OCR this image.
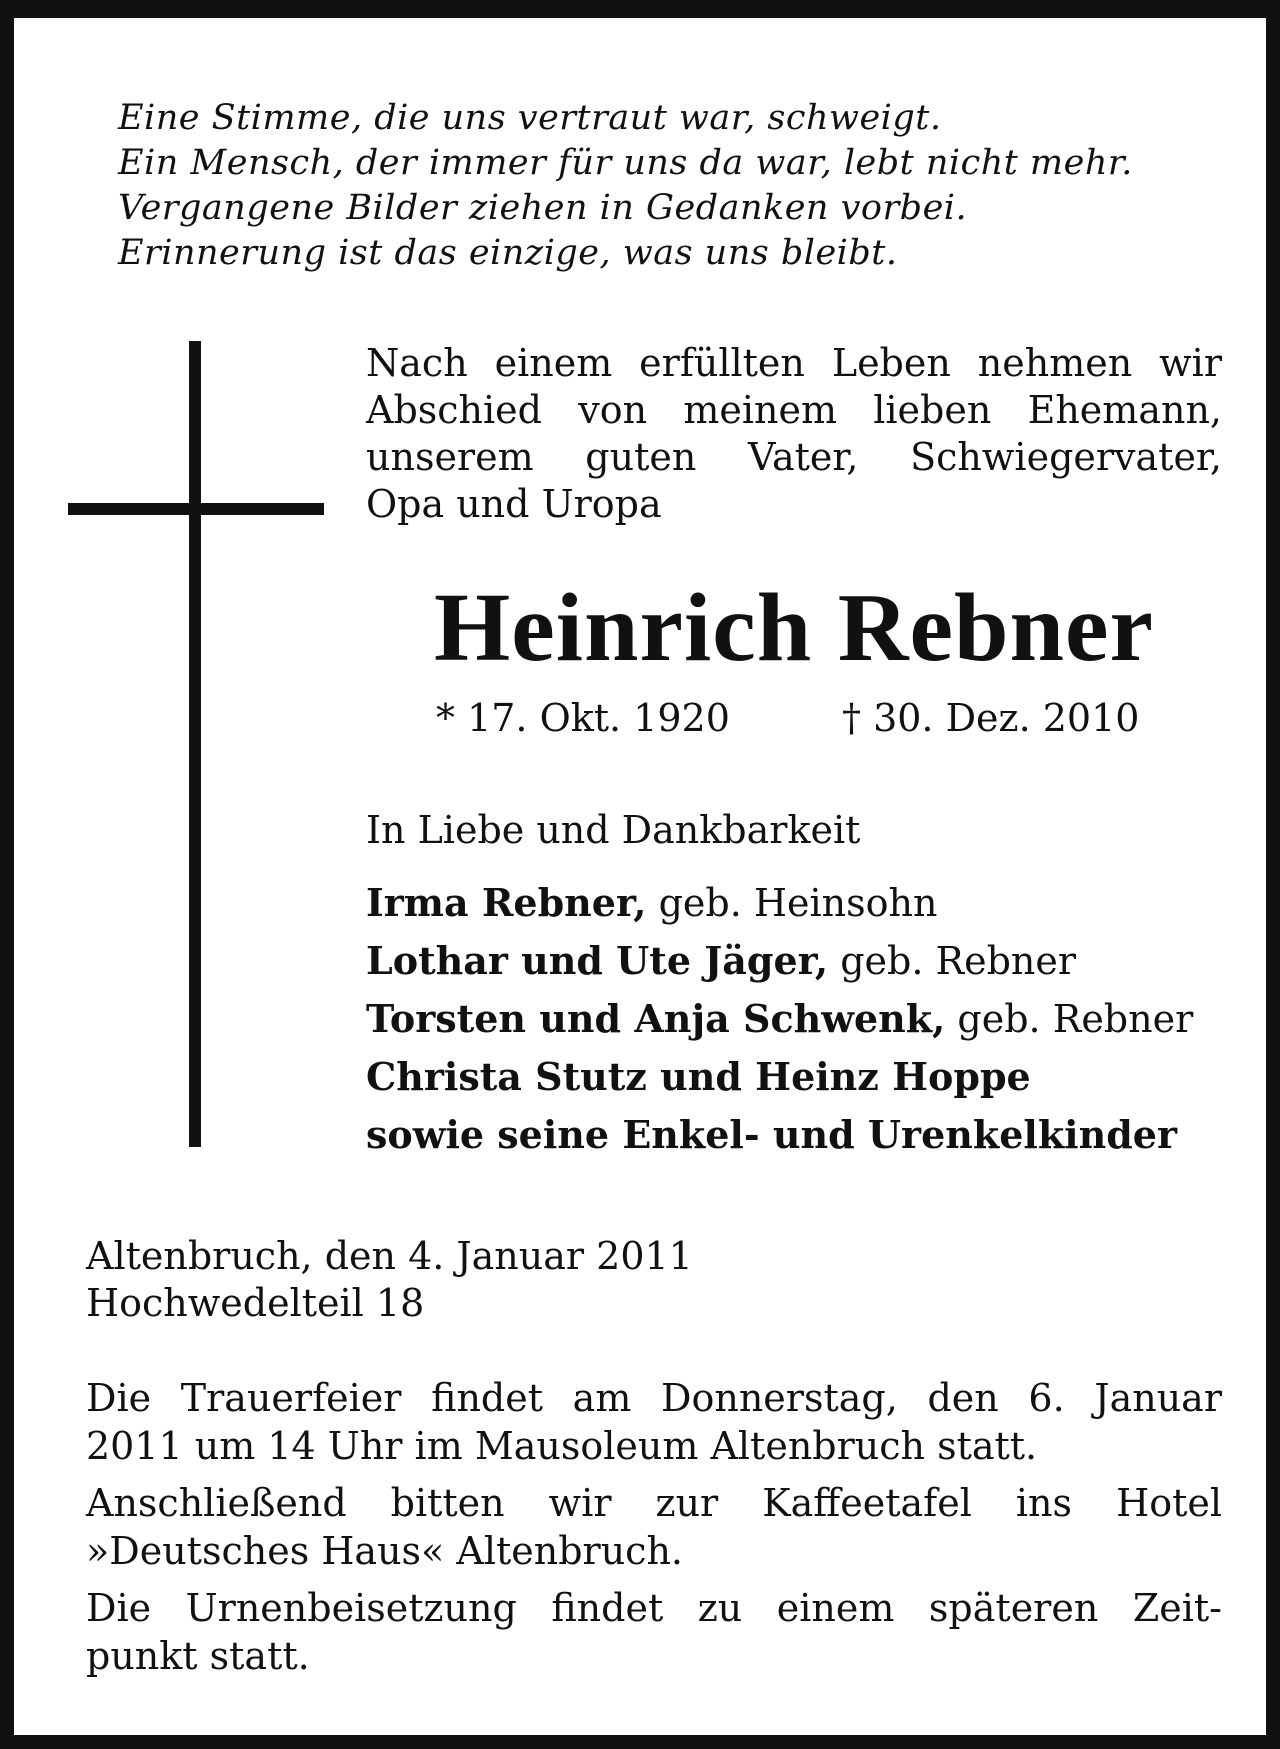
Eine Stimme, die uns vertraut war, schweigt.
Ein Mensch, der immer für uns da war, lebt nicht mehr.
Vergangene Bilder ziehen in Gedanken vorbei.
Erinnerung ist das einzige, was uns bleibt.
Nach einem erfüllten Leben nehmen wir
Abschied von meinem lieben Ehemann,
unserem guten Vater, Schwiegervater,
Opa und Uropa
Heinrich Rebner
* 17. Okt. 1920	† 30. Dez. 2010
In Liebe und Dankbarkeit
Irma Rebner, geb. Heinsohn
Lothar und Ute Jäger, geb. Rebner
Torsten und Anja Schwenk, geb. Rebner
Christa Stutz und Heinz Hoppe
sowie seine Enkel- und Urenkelkinder
Altenbruch, den 4. Januar 2011
Hochwedelteil 18

Die Trauerfeier findet am Donnerstag, den 6. Januar
2011 um 14 Uhr im Mausoleum Altenbruch statt.

Anschließend bitten wir zur Kaffeetafel ins Hotel
»Deutsches Haus« Altenbruch.

Die Urnenbeisetzung findet zu einem späteren Zeit-
punkt statt.
